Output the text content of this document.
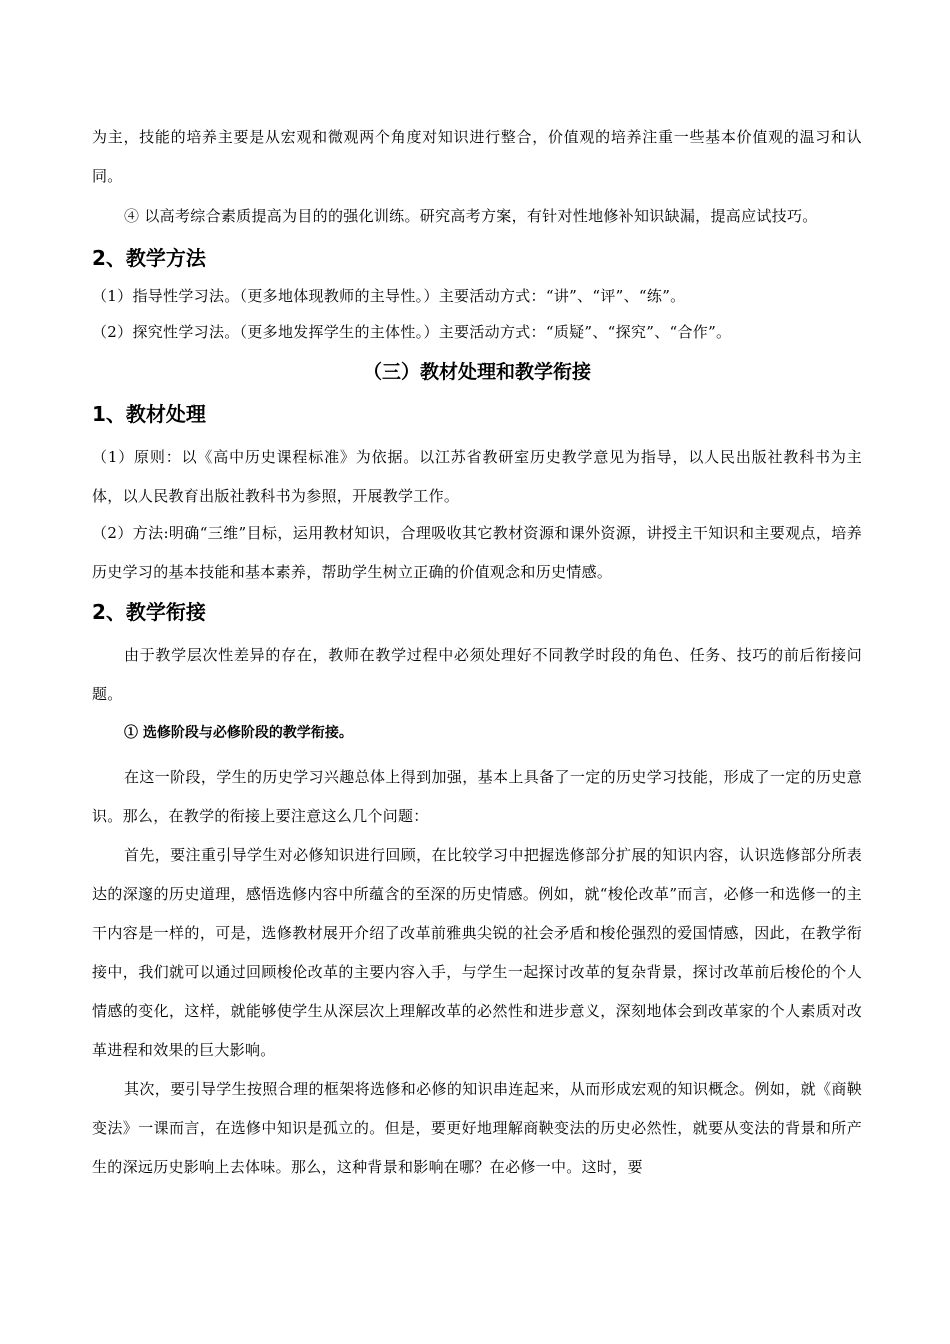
为主，技能的培养主要是从宏观和微观两个角度对知识进行整合，价值观的培养注重一些基本价值观的温习和认同。

④ 以高考综合素质提高为目的的强化训练。研究高考方案，有针对性地修补知识缺漏，提高应试技巧。

2、教学方法

（1）指导性学习法。（更多地体现教师的主导性。）主要活动方式：“讲”、“评”、“练”。

（2）探究性学习法。（更多地发挥学生的主体性。）主要活动方式：“质疑”、“探究”、“合作”。

（三）教材处理和教学衔接
1、教材处理

（1）原则：以《高中历史课程标准》为依据。以江苏省教研室历史教学意见为指导，以人民出版社教科书为主体，以人民教育出版社教科书为参照，开展教学工作。

（2）方法:明确“三维”目标，运用教材知识，合理吸收其它教材资源和课外资源，讲授主干知识和主要观点，培养历史学习的基本技能和基本素养，帮助学生树立正确的价值观念和历史情感。

2、教学衔接

由于教学层次性差异的存在，教师在教学过程中必须处理好不同教学时段的角色、任务、技巧的前后衔接问题。

① 选修阶段与必修阶段的教学衔接。

在这一阶段，学生的历史学习兴趣总体上得到加强，基本上具备了一定的历史学习技能，形成了一定的历史意识。那么，在教学的衔接上要注意这么几个问题：

首先，要注重引导学生对必修知识进行回顾，在比较学习中把握选修部分扩展的知识内容，认识选修部分所表达的深邃的历史道理，感悟选修内容中所蕴含的至深的历史情感。例如，就“梭伦改革”而言，必修一和选修一的主干内容是一样的，可是，选修教材展开介绍了改革前雅典尖锐的社会矛盾和梭伦强烈的爱国情感，因此，在教学衔接中，我们就可以通过回顾梭伦改革的主要内容入手，与学生一起探讨改革的复杂背景，探讨改革前后梭伦的个人情感的变化，这样，就能够使学生从深层次上理解改革的必然性和进步意义，深刻地体会到改革家的个人素质对改革进程和效果的巨大影响。

其次，要引导学生按照合理的框架将选修和必修的知识串连起来，从而形成宏观的知识概念。例如，就《商鞅变法》一课而言，在选修中知识是孤立的。但是，要更好地理解商鞅变法的历史必然性，就要从变法的背景和所产生的深远历史影响上去体味。那么，这种背景和影响在哪？在必修一中。这时，要
